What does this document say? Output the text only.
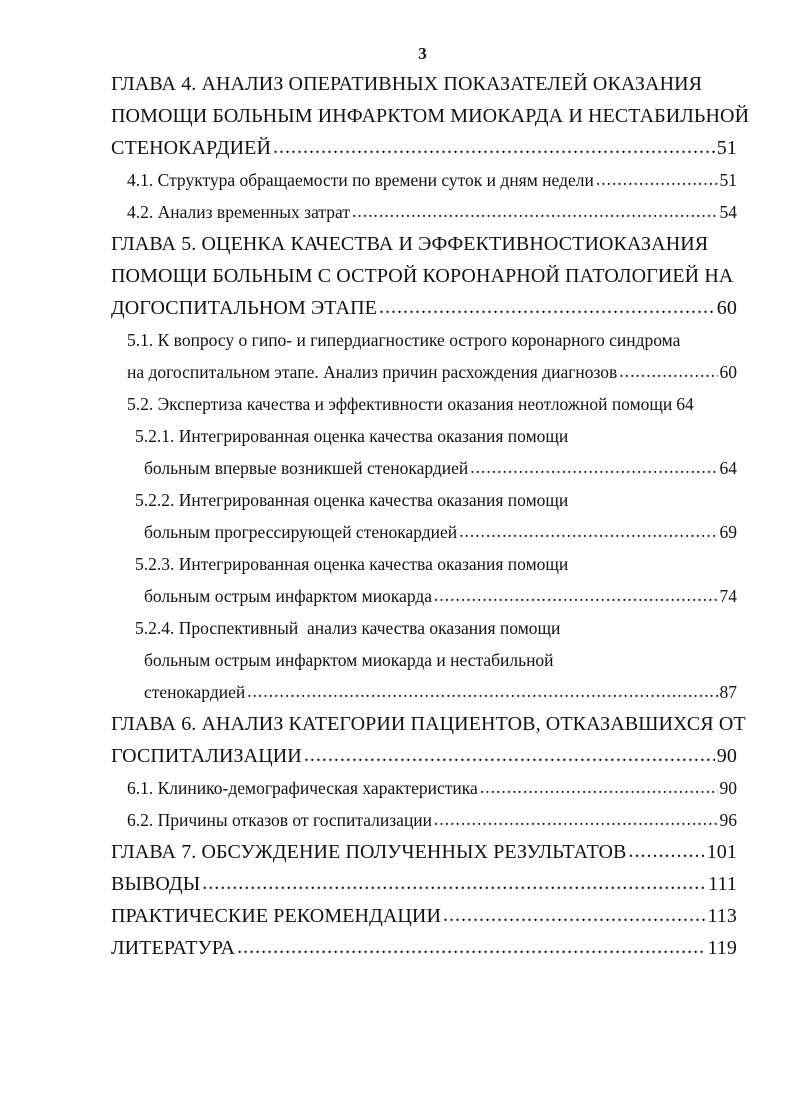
3
ГЛАВА 4. АНАЛИЗ ОПЕРАТИВНЫХ ПОКАЗАТЕЛЕЙ ОКАЗАНИЯ
ПОМОЩИ БОЛЬНЫМ ИНФАРКТОМ МИОКАРДА И НЕСТАБИЛЬНОЙ
СТЕНОКАРДИЕЙ .....	51
4.1. Структура обращаемости по времени суток и дням недели .....	51
4.2. Анализ временных затрат .....	54
ГЛАВА 5. ОЦЕНКА КАЧЕСТВА И ЭФФЕКТИВНОСТИ ОКАЗАНИЯ
ПОМОЩИ БОЛЬНЫМ С ОСТРОЙ КОРОНАРНОЙ ПАТОЛОГИЕЙ НА
ДОГОСПИТАЛЬНОМ ЭТАПЕ .....	60
5.1. К вопросу о гипо- и гипердиагностике острого коронарного синдрома
на догоспитальном этапе. Анализ причин расхождения диагнозов .....	60
5.2. Экспертиза качества и эффективности оказания неотложной помощи 64
5.2.1. Интегрированная оценка качества оказания помощи
больным впервые возникшей стенокардией .....	64
5.2.2. Интегрированная оценка качества оказания помощи
больным прогрессирующей стенокардией .....	69
5.2.3. Интегрированная оценка качества оказания помощи
больным острым инфарктом миокарда .....	74
5.2.4. Проспективный  анализ качества оказания помощи
больным острым инфарктом миокарда и нестабильной
стенокардией .....	87
ГЛАВА 6. АНАЛИЗ КАТЕГОРИИ ПАЦИЕНТОВ, ОТКАЗАВШИХСЯ ОТ
ГОСПИТАЛИЗАЦИИ .....	90
6.1. Клинико-демографическая характеристика .....	90
6.2. Причины отказов от госпитализации .....	96
ГЛАВА 7. ОБСУЖДЕНИЕ ПОЛУЧЕННЫХ РЕЗУЛЬТАТОВ .....	101
ВЫВОДЫ .....	111
ПРАКТИЧЕСКИЕ РЕКОМЕНДАЦИИ .....	113
ЛИТЕРАТУРА .....	119
